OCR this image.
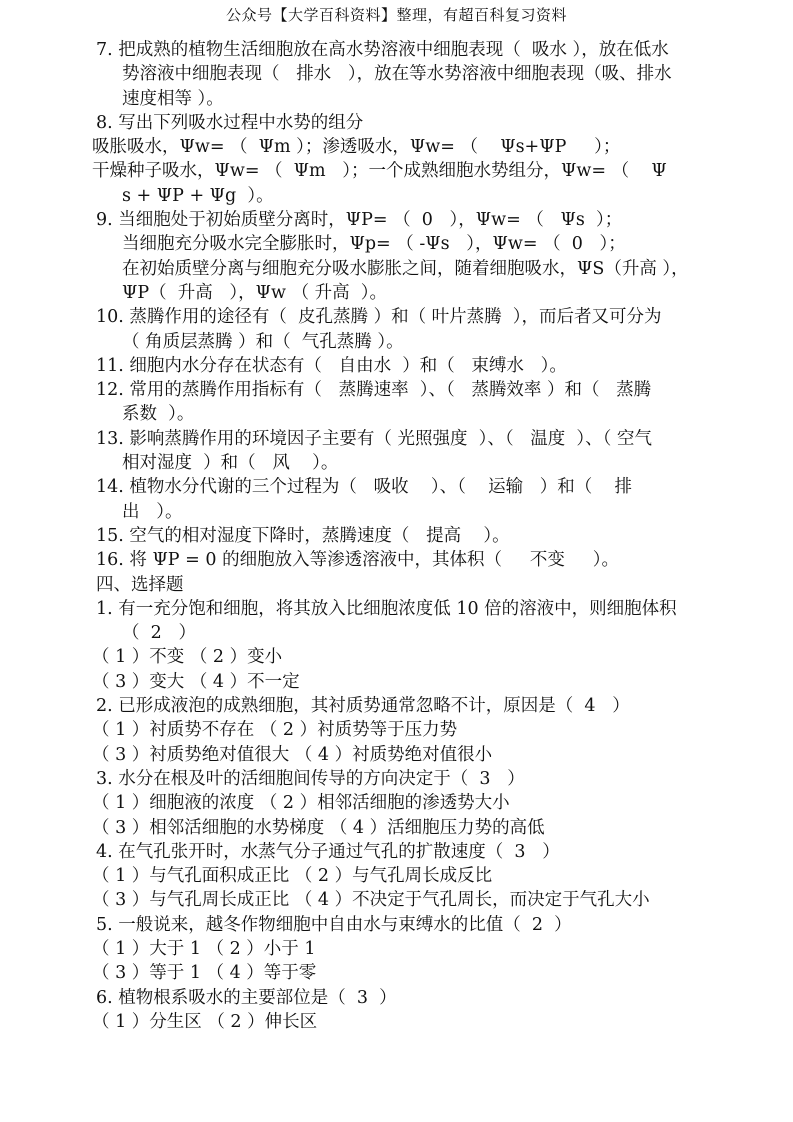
公众号【大学百科资料】整理，有超百科复习资料
7. 把成熟的植物生活细胞放在高水势溶液中细胞表现（  吸水 ），放在低水
势溶液中细胞表现（   排水   ），放在等水势溶液中细胞表现（吸、排水
速度相等 ）。
8. 写出下列吸水过程中水势的组分
吸胀吸水，Ψw= （  Ψm ）；渗透吸水，Ψw= （    Ψs+ΨP     ）；
干燥种子吸水，Ψw= （  Ψm   ）；一个成熟细胞水势组分，Ψw= （    Ψ
s + ΨP + Ψg  ）。
9. 当细胞处于初始质壁分离时，ΨP= （  0   ），Ψw= （   Ψs  ）；
当细胞充分吸水完全膨胀时，Ψp= （ -Ψs   ），Ψw= （  0   ）；
在初始质壁分离与细胞充分吸水膨胀之间，随着细胞吸水，ΨS（升高 ），
ΨP（  升高   ），Ψw （ 升高  ）。
10. 蒸腾作用的途径有（  皮孔蒸腾 ）和（ 叶片蒸腾  ），而后者又可分为
（ 角质层蒸腾 ）和（  气孔蒸腾 ）。
11. 细胞内水分存在状态有（   自由水  ）和（   束缚水   ）。
12. 常用的蒸腾作用指标有（   蒸腾速率  ）、（   蒸腾效率 ）和（   蒸腾
系数  ）。
13. 影响蒸腾作用的环境因子主要有（ 光照强度  ）、（   温度  ）、（ 空气
相对湿度  ）和（   风    ）。
14. 植物水分代谢的三个过程为（   吸收    ）、（    运输   ）和（    排
出   ）。
15. 空气的相对湿度下降时，蒸腾速度（   提高    ）。
16. 将 ΨP = 0 的细胞放入等渗透溶液中，其体积（     不变     ）。
四、选择题
1. 有一充分饱和细胞，将其放入比细胞浓度低 10 倍的溶液中，则细胞体积
（  2   ）
（ 1 ）不变 （ 2 ）变小
（ 3 ）变大 （ 4 ）不一定
2. 已形成液泡的成熟细胞，其衬质势通常忽略不计，原因是（  4   ）
（ 1 ）衬质势不存在 （ 2 ）衬质势等于压力势
（ 3 ）衬质势绝对值很大 （ 4 ）衬质势绝对值很小
3. 水分在根及叶的活细胞间传导的方向决定于（  3   ）
（ 1 ）细胞液的浓度 （ 2 ）相邻活细胞的渗透势大小
（ 3 ）相邻活细胞的水势梯度 （ 4 ）活细胞压力势的高低
4. 在气孔张开时，水蒸气分子通过气孔的扩散速度（  3   ）
（ 1 ）与气孔面积成正比 （ 2 ）与气孔周长成反比
（ 3 ）与气孔周长成正比 （ 4 ）不决定于气孔周长，而决定于气孔大小
5. 一般说来，越冬作物细胞中自由水与束缚水的比值（  2  ）
（ 1 ）大于 1 （ 2 ）小于 1
（ 3 ）等于 1 （ 4 ）等于零
6. 植物根系吸水的主要部位是（  3  ）
（ 1 ）分生区 （ 2 ）伸长区
